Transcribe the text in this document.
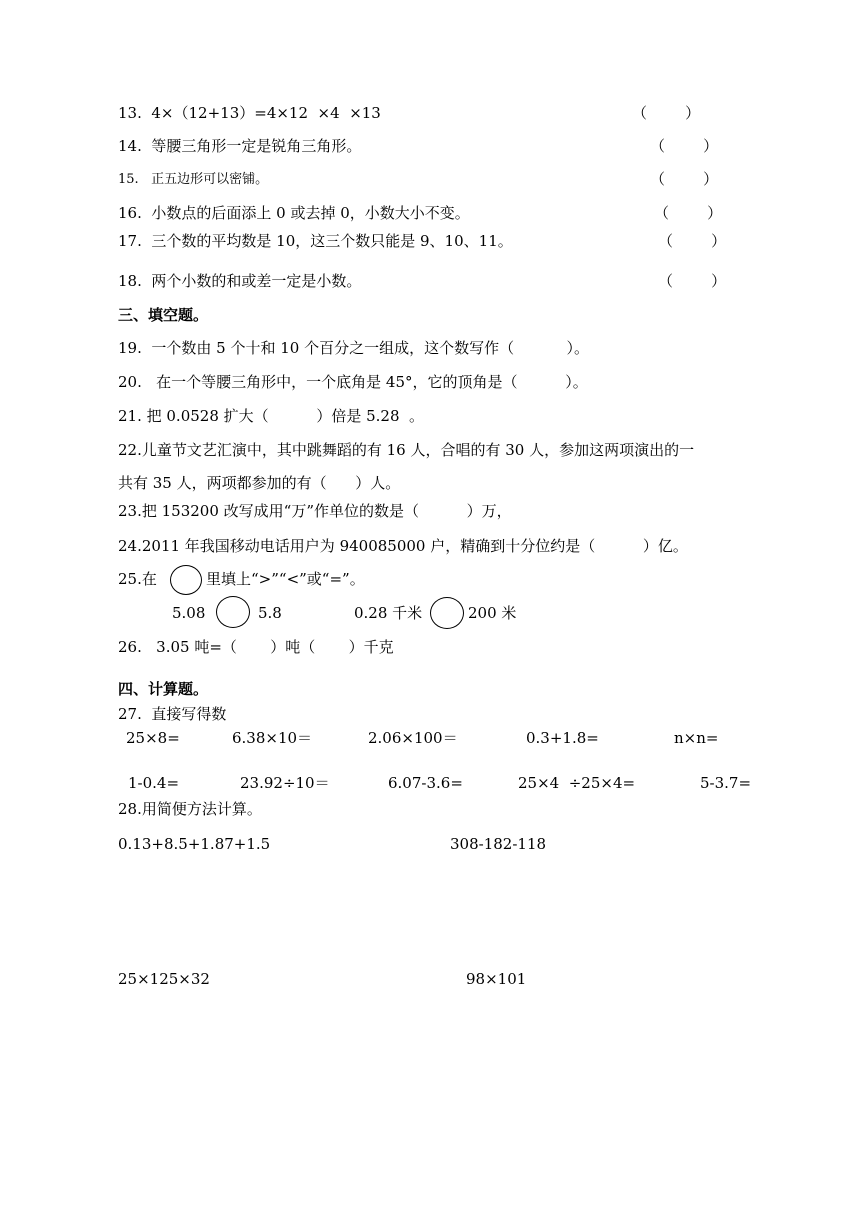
13.  4×（12+13）=4×12  ×4  ×13	（        ）
14.  等腰三角形一定是锐角三角形。	（        ）
15.   正五边形可以密铺。	（        ）
16.  小数点的后面添上 0 或去掉 0，小数大小不变。	（        ）
17.  三个数的平均数是 10，这三个数只能是 9、10、11。	（        ）
18.  两个小数的和或差一定是小数。	（        ）
三、填空题。
19.  一个数由 5 个十和 10 个百分之一组成，这个数写作（           ）。
20.   在一个等腰三角形中，一个底角是 45°，它的顶角是（          ）。
21. 把 0.0528 扩大（          ）倍是 5.28  。
22.儿童节文艺汇演中，其中跳舞蹈的有 16 人，合唱的有 30 人，参加这两项演出的一
共有 35 人，两项都参加的有（      ）人。
23.把 153200 改写成用“万”作单位的数是（          ）万，
24.2011 年我国移动电话用户为 940085000 户，精确到十分位约是（          ）亿。
25.在	里填上“>”“<”或“=”。
5.08	5.8	0.28 千米	200 米
26.   3.05 吨=（       ）吨（       ）千克
四、计算题。
27.  直接写得数
25×8=	6.38×10＝	2.06×100＝	0.3+1.8=	n×n=
1-0.4=	23.92÷10＝	6.07-3.6=	25×4  ÷25×4=	5-3.7=
28.用简便方法计算。
0.13+8.5+1.87+1.5	308-182-118
25×125×32	98×101
